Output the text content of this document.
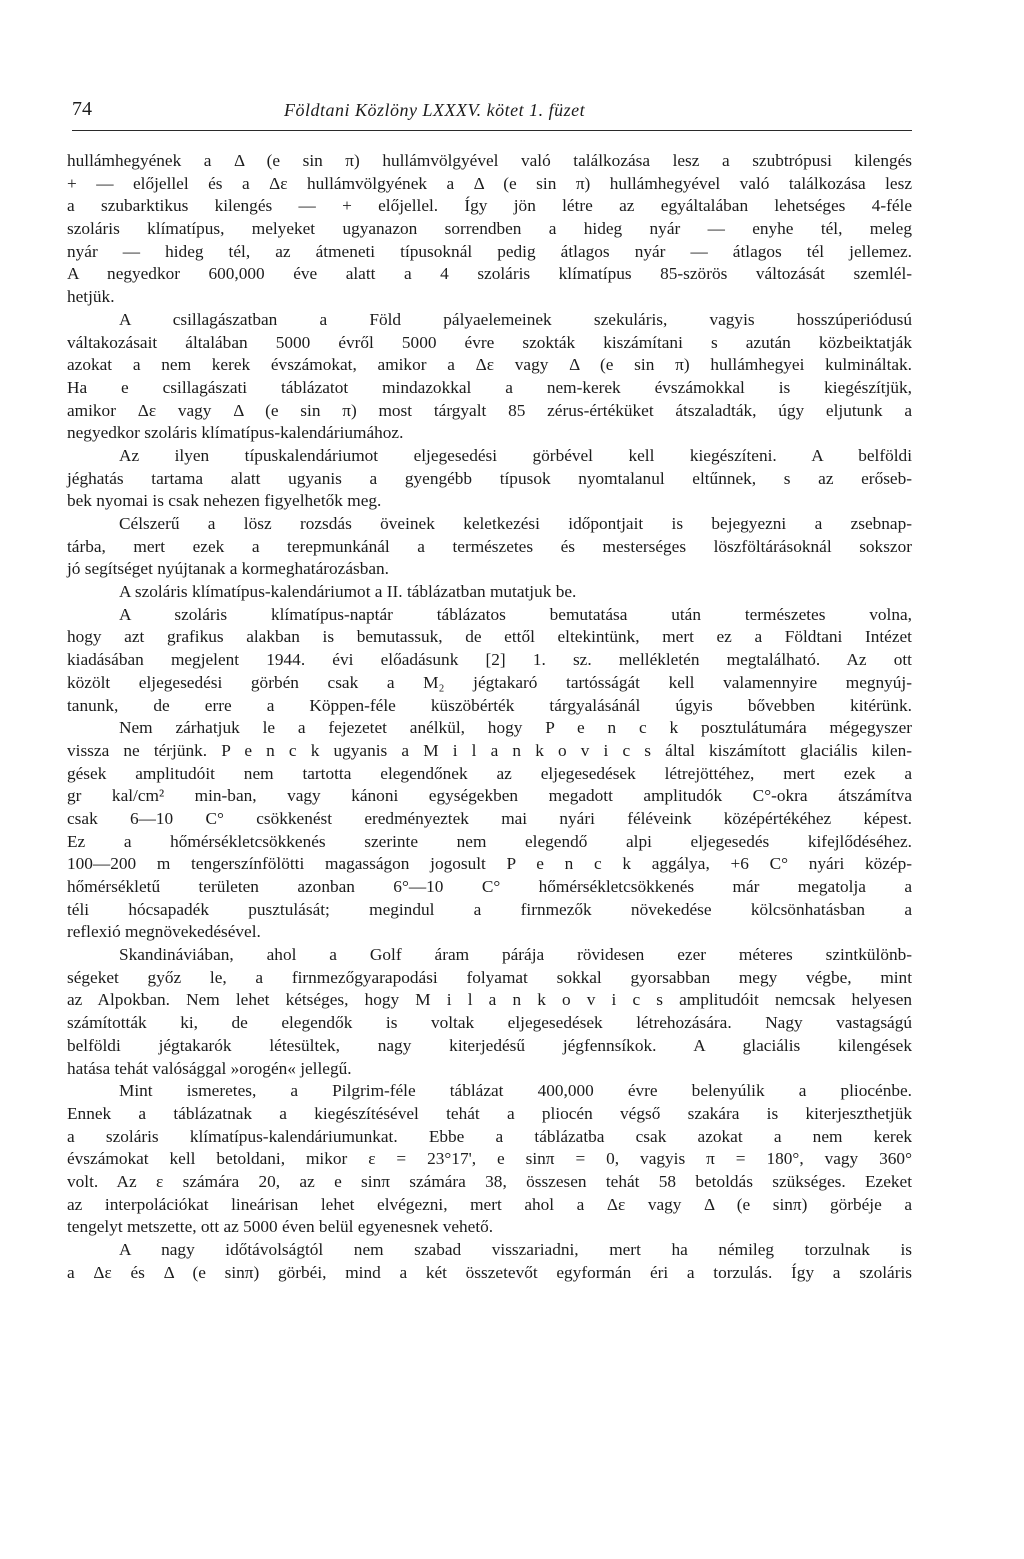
74	Földtani Közlöny LXXXV. kötet 1. füzet
hullámhegyének a Δ (e sin π) hullámvölgyével való találkozása lesz a szubtrópusi kilengés
+ — előjellel és a Δε hullámvölgyének a Δ (e sin π) hullámhegyével való találkozása lesz
a szubarktikus kilengés — + előjellel. Így jön létre az egyáltalában lehetséges 4-féle
szoláris klímatípus, melyeket ugyanazon sorrendben a hideg nyár — enyhe tél, meleg
nyár — hideg tél, az átmeneti típusoknál pedig átlagos nyár — átlagos tél jellemez.
A negyedkor 600,000 éve alatt a 4 szoláris klímatípus 85-szörös változását szemlél-
hetjük.
A csillagászatban a Föld pályaelemeinek szekuláris, vagyis hosszúperiódusú
váltakozásait általában 5000 évről 5000 évre szokták kiszámítani s azután közbeiktatják
azokat a nem kerek évszámokat, amikor a Δε vagy Δ (e sin π) hullámhegyei kulmináltak.
Ha e csillagászati táblázatot mindazokkal a nem-kerek évszámokkal is kiegészítjük,
amikor Δε vagy Δ (e sin π) most tárgyalt 85 zérus-értéküket átszaladták, úgy eljutunk a
negyedkor szoláris klímatípus-kalendáriumához.
Az ilyen típuskalendáriumot eljegesedési görbével kell kiegészíteni. A belföldi
jéghatás tartama alatt ugyanis a gyengébb típusok nyomtalanul eltűnnek, s az erőseb-
bek nyomai is csak nehezen figyelhetők meg.
Célszerű a lösz rozsdás öveinek keletkezési időpontjait is bejegyezni a zsebnap-
tárba, mert ezek a terepmunkánál a természetes és mesterséges löszföltárásoknál sokszor
jó segítséget nyújtanak a kormeghatározásban.
A szoláris klímatípus-kalendáriumot a II. táblázatban mutatjuk be.
A szoláris klímatípus-naptár táblázatos bemutatása után természetes volna,
hogy azt grafikus alakban is bemutassuk, de ettől eltekintünk, mert ez a Földtani Intézet
kiadásában megjelent 1944. évi előadásunk [2] 1. sz. mellékletén megtalálható. Az ott
közölt eljegesedési görbén csak a M₂ jégtakaró tartósságát kell valamennyire megnyúj-
tanunk, de erre a Köppen-féle küszöbérték tárgyalásánál úgyis bővebben kitérünk.
Nem zárhatjuk le a fejezetet anélkül, hogy P e n c k posztulátumára mégegyszer
vissza ne térjünk. P e n c k ugyanis a M i l a n k o v i c s által kiszámított glaciális kilen-
gések amplitudóit nem tartotta elegendőnek az eljegesedések létrejöttéhez, mert ezek a
gr kal/cm² min-ban, vagy kánoni egységekben megadott amplitudók C°-okra átszámítva
csak 6—10 C° csökkenést eredményeztek mai nyári féléveink középértékéhez képest.
Ez a hőmérsékletcsökkenés szerinte nem elegendő alpi eljegesedés kifejlődéséhez.
100—200 m tengerszínfölötti magasságon jogosult P e n c k aggálya, +6 C° nyári közép-
hőmérsékletű területen azonban 6°—10 C° hőmérsékletcsökkenés már megatolja a
téli hócsapadék pusztulását; megindul a firnmezők növekedése kölcsönhatásban a
reflexió megnövekedésével.
Skandináviában, ahol a Golf áram párája rövidesen ezer méteres szintkülönb-
ségeket győz le, a firnmezőgyarapodási folyamat sokkal gyorsabban megy végbe, mint
az Alpokban. Nem lehet kétséges, hogy M i l a n k o v i c s amplitudóit nemcsak helyesen
számították ki, de elegendők is voltak eljegesedések létrehozására. Nagy vastagságú
belföldi jégtakarók létesültek, nagy kiterjedésű jégfennsíkok. A glaciális kilengések
hatása tehát valósággal »orogén« jellegű.
Mint ismeretes, a Pilgrim-féle táblázat 400,000 évre belenyúlik a pliocénbe.
Ennek a táblázatnak a kiegészítésével tehát a pliocén végső szakára is kiterjeszthetjük
a szoláris klímatípus-kalendáriumunkat. Ebbe a táblázatba csak azokat a nem kerek
évszámokat kell betoldani, mikor ε = 23°17', e sinπ = 0, vagyis π = 180°, vagy 360°
volt. Az ε számára 20, az e sinπ számára 38, összesen tehát 58 betoldás szükséges. Ezeket
az interpolációkat lineárisan lehet elvégezni, mert ahol a Δε vagy Δ (e sinπ) görbéje a
tengelyt metszette, ott az 5000 éven belül egyenesnek vehető.
A nagy időtávolságtól nem szabad visszariadni, mert ha némileg torzulnak is
a Δε és Δ (e sinπ) görbéi, mind a két összetevőt egyformán éri a torzulás. Így a szoláris
